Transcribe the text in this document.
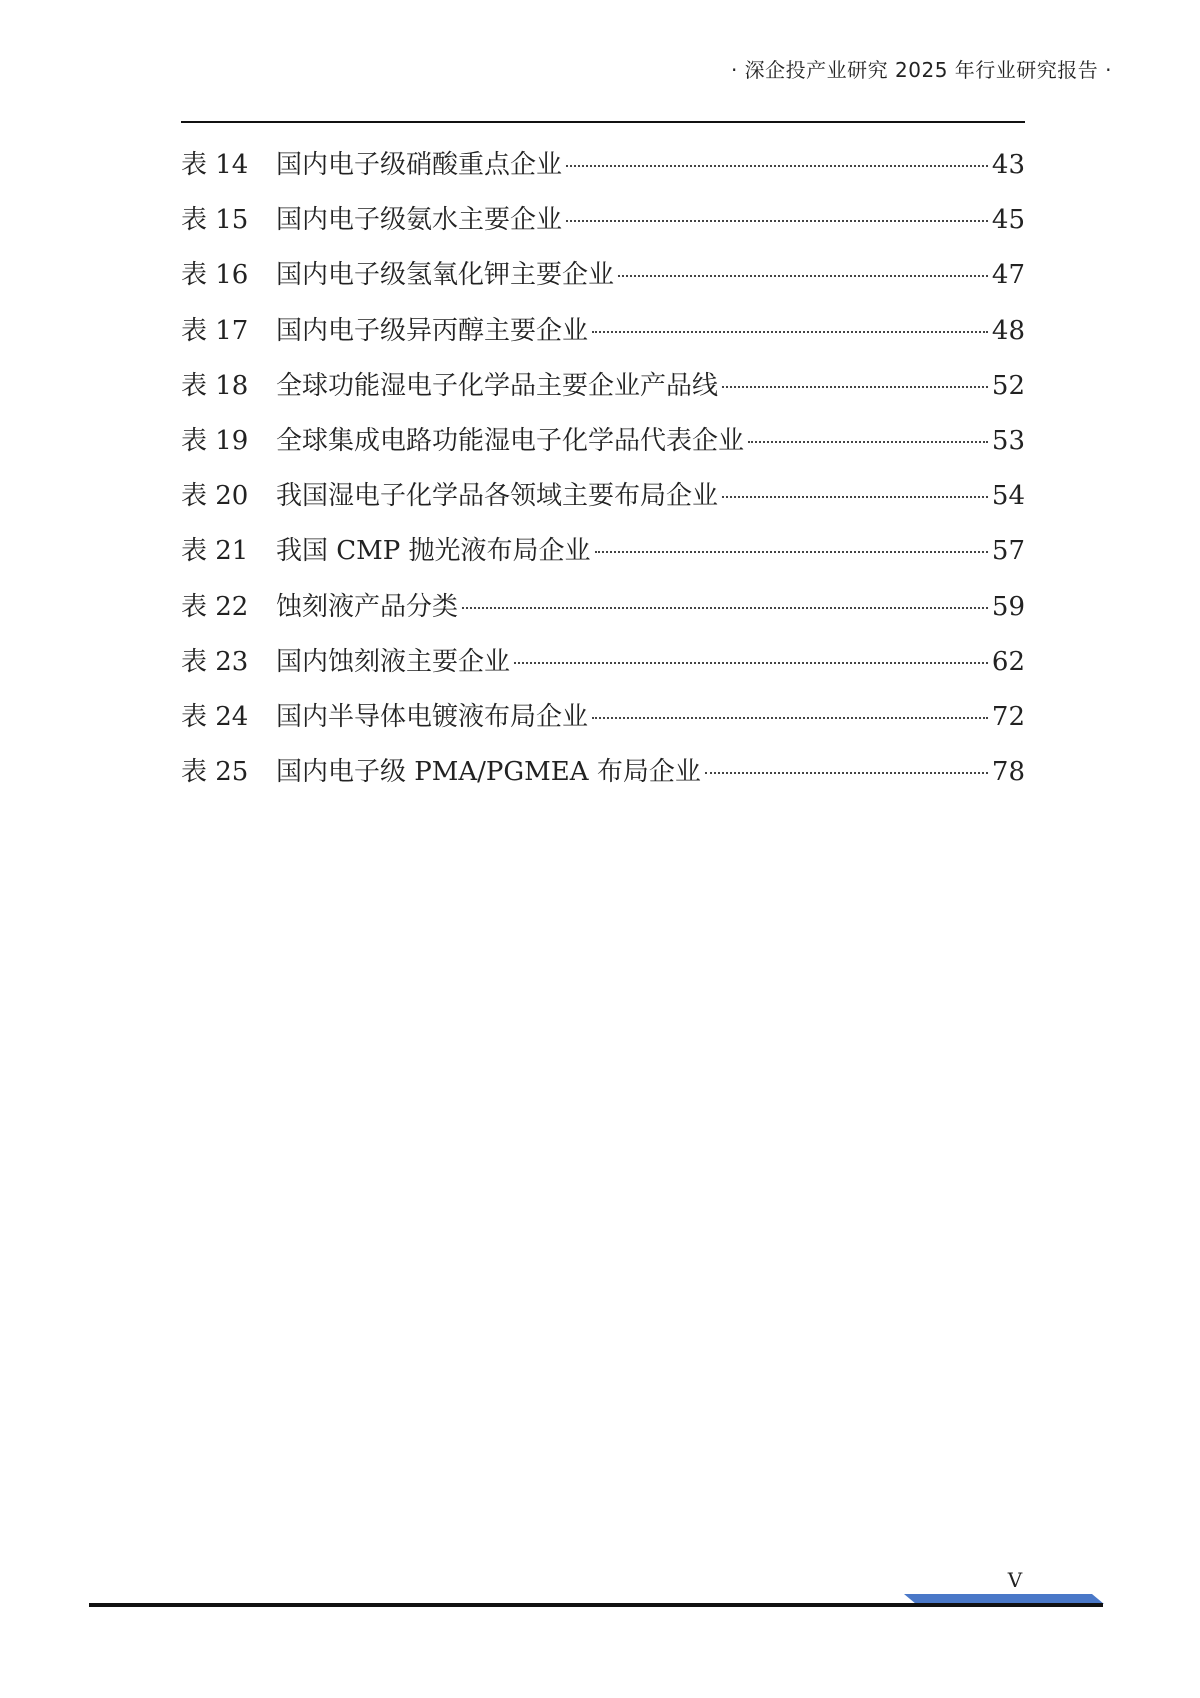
· 深企投产业研究 2025 年行业研究报告 ·
表 14	国内电子级硝酸重点企业	43
表 15	国内电子级氨水主要企业	45
表 16	国内电子级氢氧化钾主要企业	47
表 17	国内电子级异丙醇主要企业	48
表 18	全球功能湿电子化学品主要企业产品线	52
表 19	全球集成电路功能湿电子化学品代表企业	53
表 20	我国湿电子化学品各领域主要布局企业	54
表 21	我国 CMP 抛光液布局企业	57
表 22	蚀刻液产品分类	59
表 23	国内蚀刻液主要企业	62
表 24	国内半导体电镀液布局企业	72
表 25	国内电子级 PMA/PGMEA 布局企业	78
V
